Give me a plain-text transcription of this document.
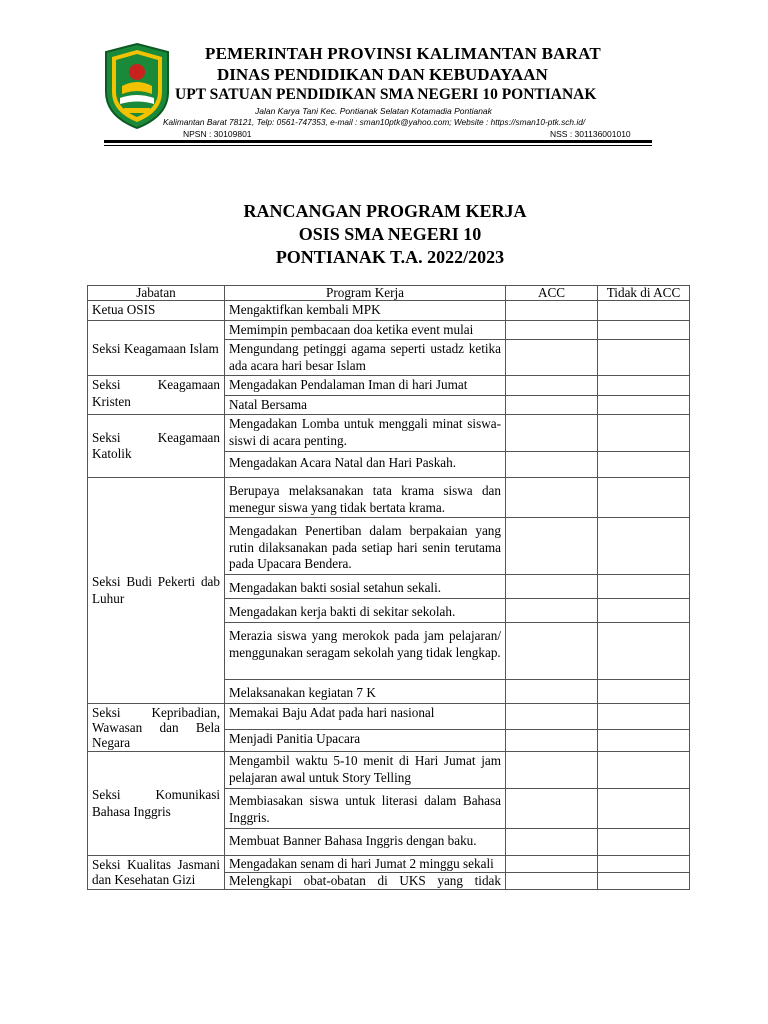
PEMERINTAH PROVINSI KALIMANTAN BARAT
DINAS PENDIDIKAN DAN KEBUDAYAAN
UPT SATUAN PENDIDIKAN SMA NEGERI 10 PONTIANAK
Jalan Karya Tani Kec. Pontianak Selatan Kotamadia Pontianak
Kalimantan Barat 78121, Telp: 0561-747353, e-mail : sman10ptk@yahoo.com; Website : https://sman10-ptk.sch.id/
NPSN : 30109801	NSS : 301136001010
RANCANGAN PROGRAM KERJA
OSIS SMA NEGERI 10
PONTIANAK T.A. 2022/2023
Jabatan	Program Kerja	ACC	Tidak di ACC
Ketua OSIS	Mengaktifkan kembali MPK		
Seksi Keagamaan Islam	Memimpin pembacaan doa ketika event mulai		
	Mengundang petinggi agama seperti ustadz ketika ada acara hari besar Islam		
Seksi Keagamaan Kristen	Mengadakan Pendalaman Iman di hari Jumat		
	Natal Bersama		
Seksi Keagamaan Katolik	Mengadakan Lomba untuk menggali minat siswa-siswi di acara penting.		
	Mengadakan Acara Natal dan Hari Paskah.		
Seksi Budi Pekerti dab Luhur	Berupaya melaksanakan tata krama siswa dan menegur siswa yang tidak bertata krama.		
	Mengadakan Penertiban dalam berpakaian yang rutin dilaksanakan pada setiap hari senin terutama pada Upacara Bendera.		
	Mengadakan bakti sosial setahun sekali.		
	Mengadakan kerja bakti di sekitar sekolah.		
	Merazia siswa yang merokok pada jam pelajaran/ menggunakan seragam sekolah yang tidak lengkap.		
	Melaksanakan kegiatan 7 K		
Seksi Kepribadian, Wawasan dan Bela Negara	Memakai Baju Adat pada hari nasional		
	Menjadi Panitia Upacara		
Seksi Komunikasi Bahasa Inggris	Mengambil waktu 5-10 menit di Hari Jumat jam pelajaran awal untuk Story Telling		
	Membiasakan siswa untuk literasi dalam Bahasa Inggris.		
	Membuat Banner Bahasa Inggris dengan baku.		
Seksi Kualitas Jasmani dan Kesehatan Gizi	Mengadakan senam di hari Jumat 2 minggu sekali		
	Melengkapi obat-obatan di UKS yang tidak		
